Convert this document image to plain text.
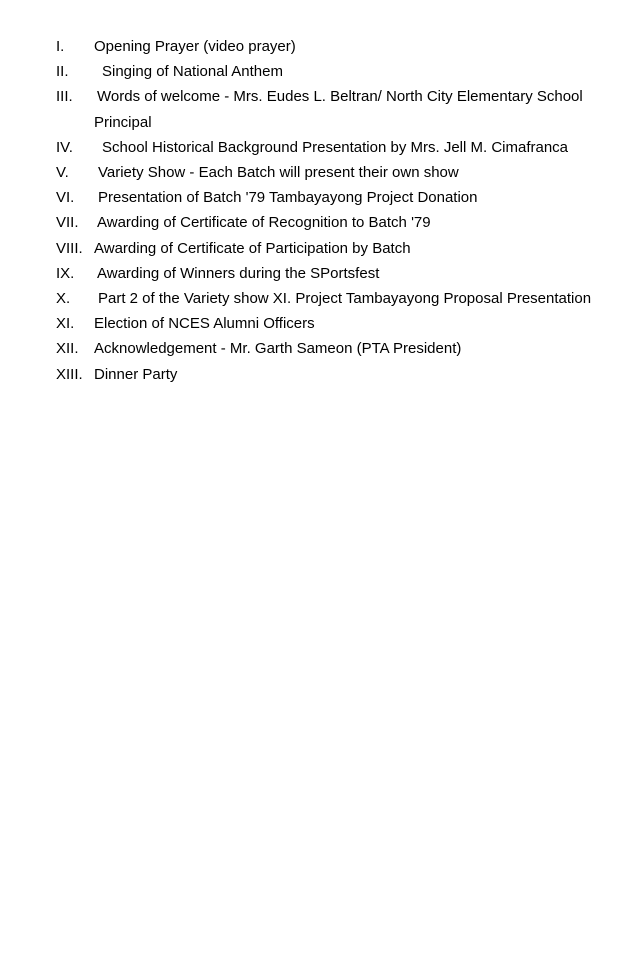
I.	Opening Prayer (video prayer)
II.	Singing of National Anthem
III.	Words of welcome - Mrs. Eudes L. Beltran/ North City Elementary School
Principal
IV.	School Historical Background Presentation by Mrs. Jell M. Cimafranca
V.	Variety Show - Each Batch will present their own show
VI.	Presentation of Batch '79 Tambayayong Project Donation
VII.	Awarding of Certificate of Recognition to Batch '79
VIII. Awarding of Certificate of Participation by Batch
IX.	Awarding of Winners during the SPortsfest
X.	Part 2 of the Variety show XI. Project Tambayayong Proposal Presentation
XI.	Election of NCES Alumni Officers
XII.	Acknowledgement - Mr. Garth Sameon (PTA President)
XIII. Dinner Party
